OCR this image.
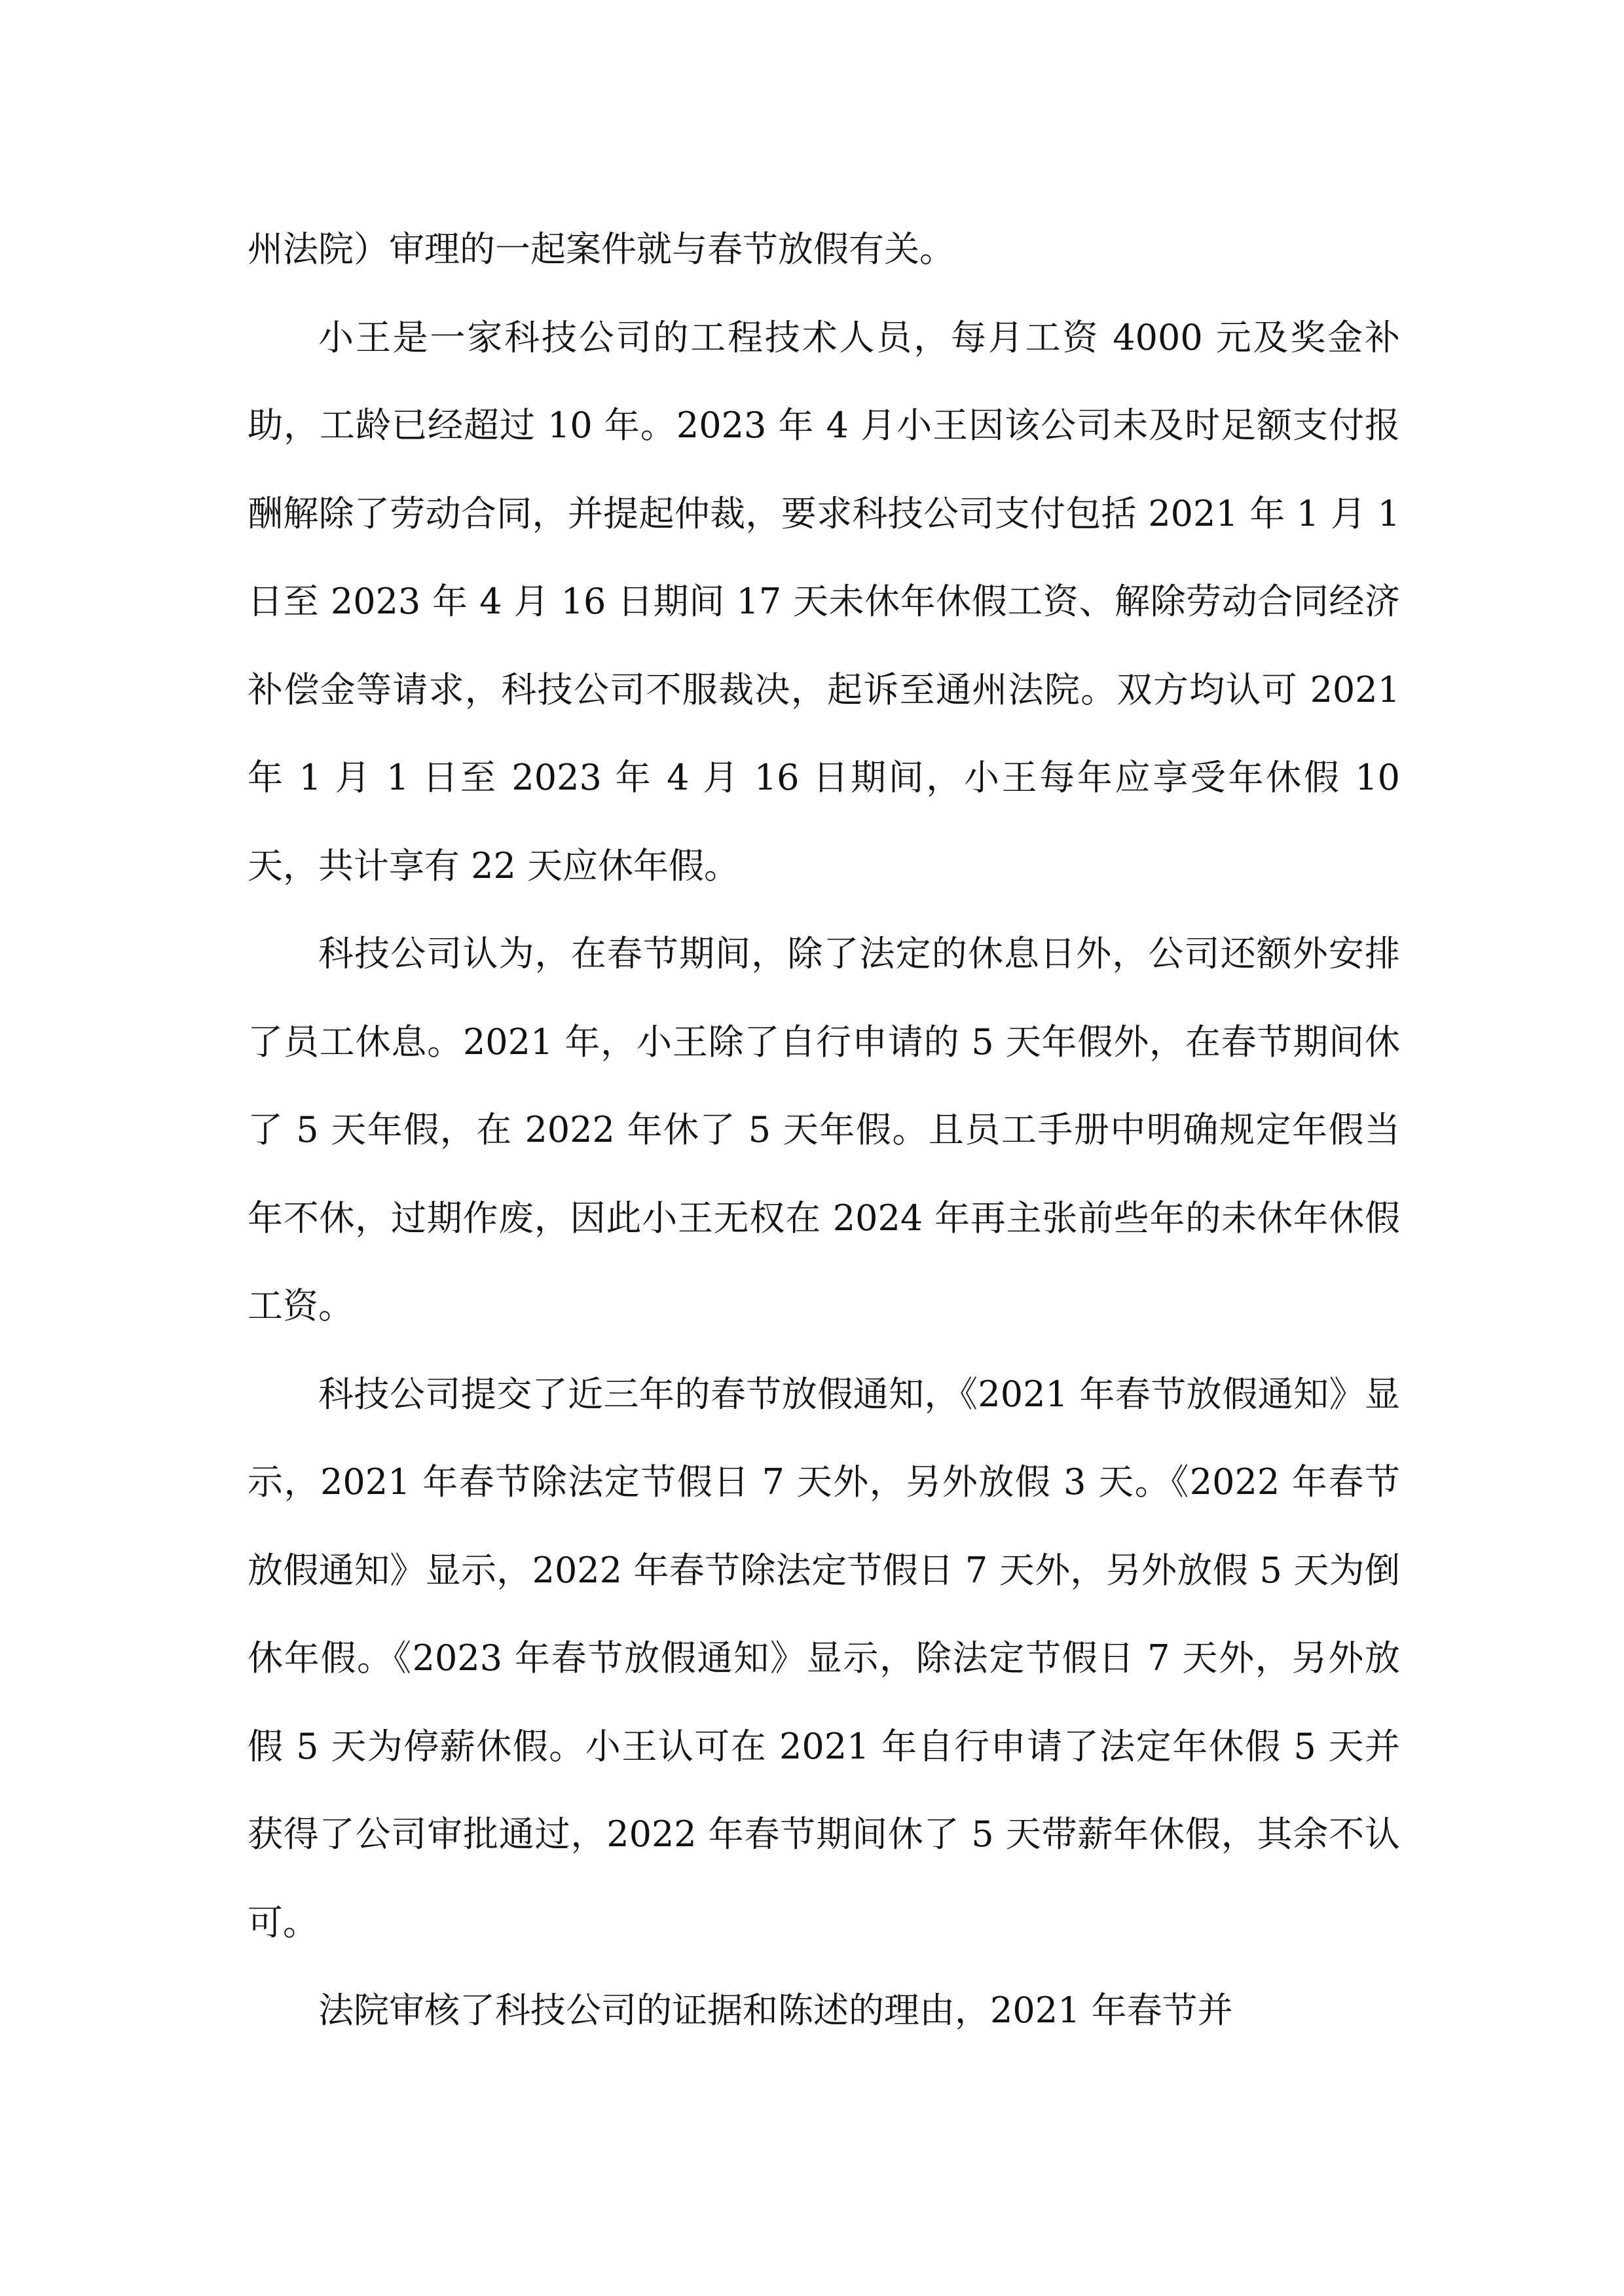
州法院）审理的一起案件就与春节放假有关。

小王是一家科技公司的工程技术人员，每月工资 4000 元及奖金补助，工龄已经超过 10 年。2023 年 4 月小王因该公司未及时足额支付报酬解除了劳动合同，并提起仲裁，要求科技公司支付包括 2021 年 1 月 1 日至 2023 年 4 月 16 日期间 17 天未休年休假工资、解除劳动合同经济补偿金等请求，科技公司不服裁决，起诉至通州法院。双方均认可 2021 年 1 月 1 日至 2023 年 4 月 16 日期间，小王每年应享受年休假 10 天，共计享有 22 天应休年假。

科技公司认为，在春节期间，除了法定的休息日外，公司还额外安排了员工休息。2021 年，小王除了自行申请的 5 天年假外，在春节期间休了 5 天年假，在 2022 年休了 5 天年假。且员工手册中明确规定年假当年不休，过期作废，因此小王无权在 2024 年再主张前些年的未休年休假工资。

科技公司提交了近三年的春节放假通知，《2021 年春节放假通知》显示，2021 年春节除法定节假日 7 天外，另外放假 3 天。《2022 年春节放假通知》显示，2022 年春节除法定节假日 7 天外，另外放假 5 天为倒休年假。《2023 年春节放假通知》显示，除法定节假日 7 天外，另外放假 5 天为停薪休假。小王认可在 2021 年自行申请了法定年休假 5 天并获得了公司审批通过，2022 年春节期间休了 5 天带薪年休假，其余不认可。

法院审核了科技公司的证据和陈述的理由，2021 年春节并
